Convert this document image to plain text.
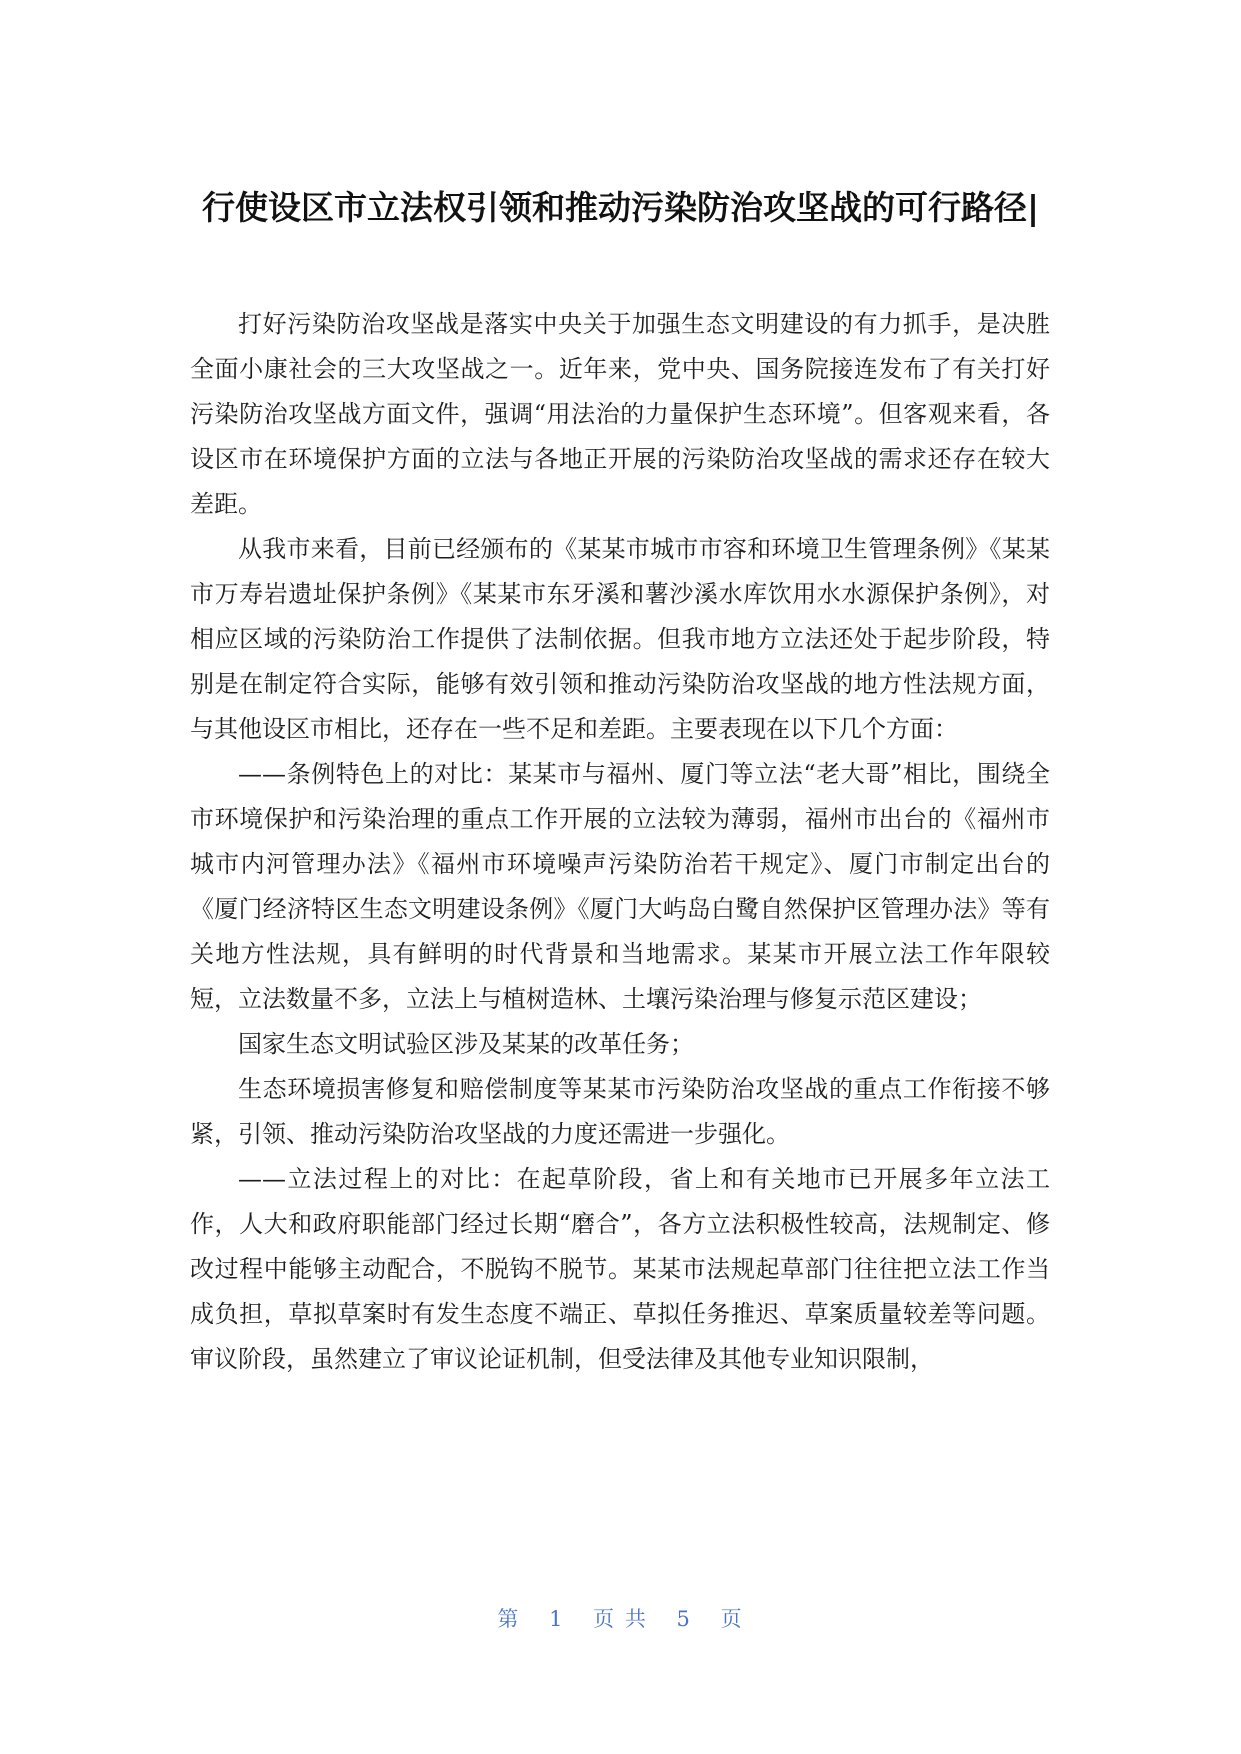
行使设区市立法权引领和推动污染防治攻坚战的可行路径|

打好污染防治攻坚战是落实中央关于加强生态文明建设的有力抓手，是决胜全面小康社会的三大攻坚战之一。近年来，党中央、国务院接连发布了有关打好污染防治攻坚战方面文件，强调“用法治的力量保护生态环境”。但客观来看，各设区市在环境保护方面的立法与各地正开展的污染防治攻坚战的需求还存在较大差距。

从我市来看，目前已经颁布的《某某市城市市容和环境卫生管理条例》《某某市万寿岩遗址保护条例》《某某市东牙溪和薯沙溪水库饮用水水源保护条例》，对相应区域的污染防治工作提供了法制依据。但我市地方立法还处于起步阶段，特别是在制定符合实际，能够有效引领和推动污染防治攻坚战的地方性法规方面，与其他设区市相比，还存在一些不足和差距。主要表现在以下几个方面：

——条例特色上的对比：某某市与福州、厦门等立法“老大哥”相比，围绕全市环境保护和污染治理的重点工作开展的立法较为薄弱，福州市出台的《福州市城市内河管理办法》《福州市环境噪声污染防治若干规定》、厦门市制定出台的《厦门经济特区生态文明建设条例》《厦门大屿岛白鹭自然保护区管理办法》等有关地方性法规，具有鲜明的时代背景和当地需求。某某市开展立法工作年限较短，立法数量不多，立法上与植树造林、土壤污染治理与修复示范区建设；

国家生态文明试验区涉及某某的改革任务；

生态环境损害修复和赔偿制度等某某市污染防治攻坚战的重点工作衔接不够紧，引领、推动污染防治攻坚战的力度还需进一步强化。

——立法过程上的对比：在起草阶段，省上和有关地市已开展多年立法工作，人大和政府职能部门经过长期“磨合”，各方立法积极性较高，法规制定、修改过程中能够主动配合，不脱钩不脱节。某某市法规起草部门往往把立法工作当成负担，草拟草案时有发生态度不端正、草拟任务推迟、草案质量较差等问题。审议阶段，虽然建立了审议论证机制，但受法律及其他专业知识限制，

第 1 页 共 5 页
